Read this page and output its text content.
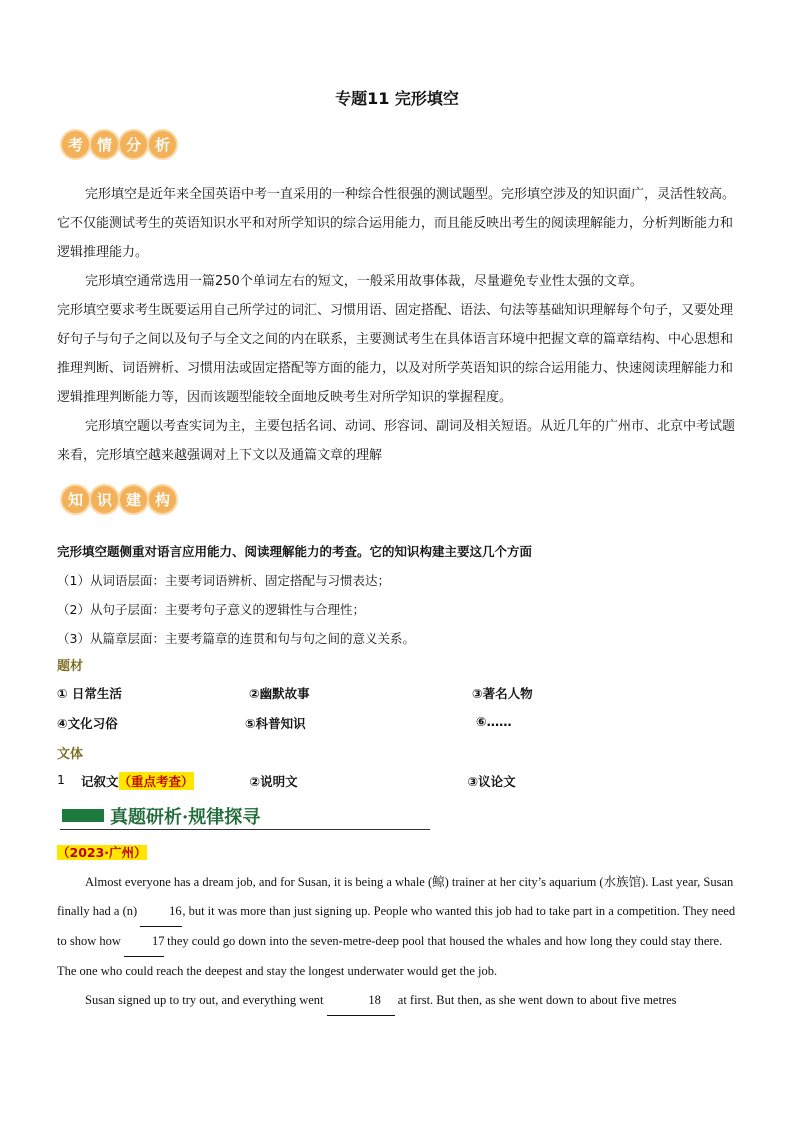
专题11 完形填空
考 情 分 析

完形填空是近年来全国英语中考一直采用的一种综合性很强的测试题型。完形填空涉及的知识面广，灵活性较高。它不仅能测试考生的英语知识水平和对所学知识的综合运用能力，而且能反映出考生的阅读理解能力，分析判断能力和逻辑推理能力。

完形填空通常选用一篇250个单词左右的短文，一般采用故事体裁，尽量避免专业性太强的文章。

完形填空要求考生既要运用自己所学过的词汇、习惯用语、固定搭配、语法、句法等基础知识理解每个句子，又要处理好句子与句子之间以及句子与全文之间的内在联系，主要测试考生在具体语言环境中把握文章的篇章结构、中心思想和推理判断、词语辨析、习惯用法或固定搭配等方面的能力，以及对所学英语知识的综合运用能力、快速阅读理解能力和逻辑推理判断能力等，因而该题型能较全面地反映考生对所学知识的掌握程度。

完形填空题以考查实词为主，主要包括名词、动词、形容词、副词及相关短语。从近几年的广州市、北京中考试题来看，完形填空越来越强调对上下文以及通篇文章的理解

知 识 建 构
完形填空题侧重对语言应用能力、阅读理解能力的考查。它的知识构建主要这几个方面
（1）从词语层面：主要考词语辨析、固定搭配与习惯表达；
（2）从句子层面：主要考句子意义的逻辑性与合理性；
（3）从篇章层面：主要考篇章的连贯和句与句之间的意义关系。
题材
① 日常生活	②幽默故事	③著名人物
④文化习俗	⑤科普知识	⑥……
文体
1	记叙文 （重点考查）	②说明文	③议论文
真题研析·规律探寻
（2023·广州）

Almost everyone has a dream job, and for Susan, it is being a whale (鲸) trainer at her city’s aquarium (水族馆). Last year, Susan finally had a (n) 16, but it was more than just signing up. People who wanted this job had to take part in a competition. They need to show how 17 they could go down into the seven-metre-deep pool that housed the whales and how long they could stay there. The one who could reach the deepest and stay the longest underwater would get the job.

Susan signed up to try out, and everything went	18 at first. But then, as she went down to about five metres
